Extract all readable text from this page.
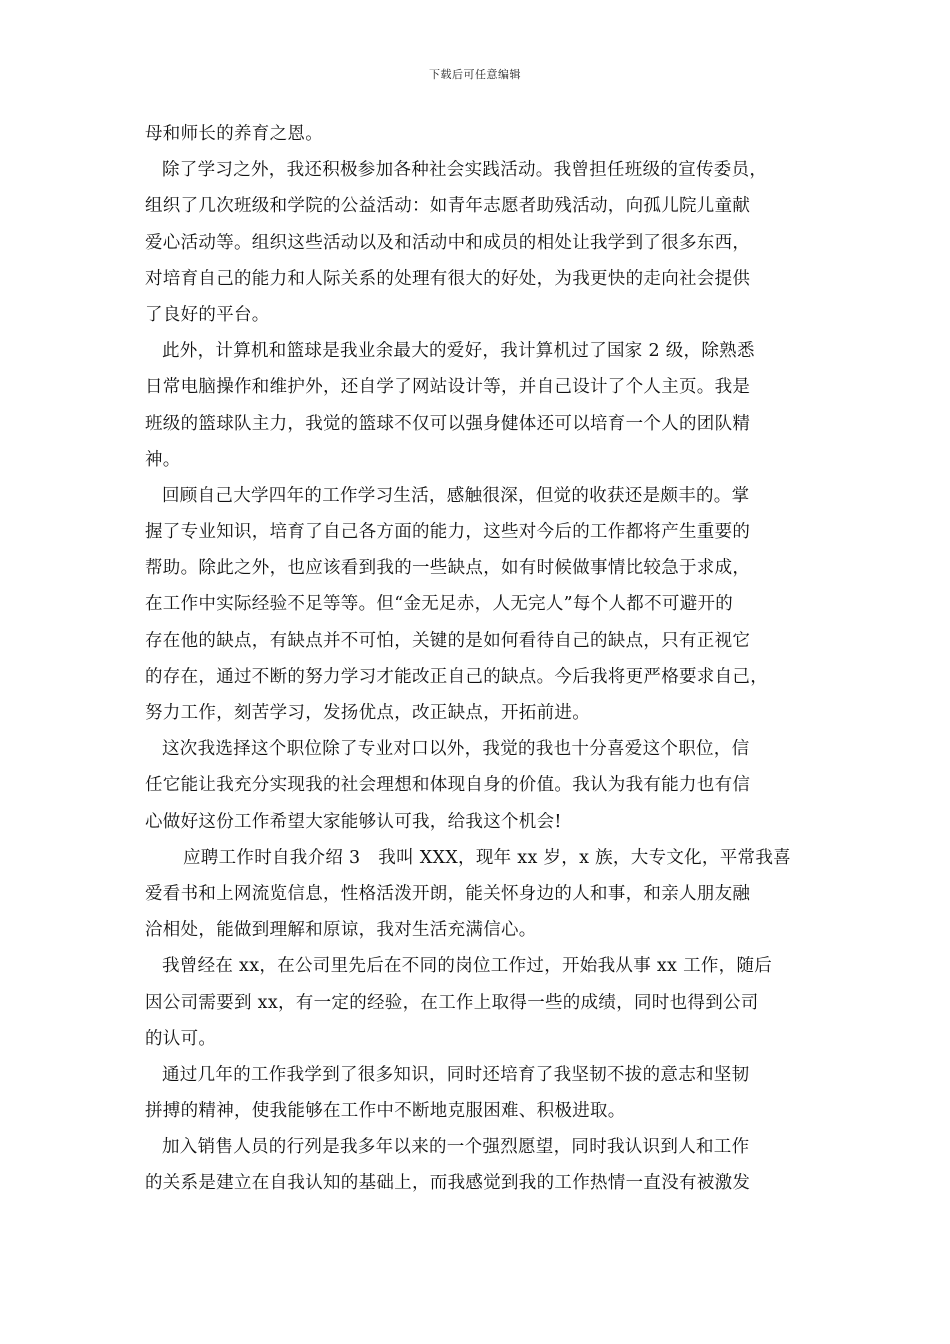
下载后可任意编辑
母和师长的养育之恩。
除了学习之外，我还积极参加各种社会实践活动。我曾担任班级的宣传委员，
组织了几次班级和学院的公益活动：如青年志愿者助残活动，向孤儿院儿童献
爱心活动等。组织这些活动以及和活动中和成员的相处让我学到了很多东西，
对培育自己的能力和人际关系的处理有很大的好处，为我更快的走向社会提供
了良好的平台。
此外，计算机和篮球是我业余最大的爱好，我计算机过了国家 2 级，除熟悉
日常电脑操作和维护外，还自学了网站设计等，并自己设计了个人主页。我是
班级的篮球队主力，我觉的篮球不仅可以强身健体还可以培育一个人的团队精
神。
回顾自己大学四年的工作学习生活，感触很深，但觉的收获还是颇丰的。掌
握了专业知识，培育了自己各方面的能力，这些对今后的工作都将产生重要的
帮助。除此之外，也应该看到我的一些缺点，如有时候做事情比较急于求成，
在工作中实际经验不足等等。但“金无足赤，人无完人”每个人都不可避开的
存在他的缺点，有缺点并不可怕，关键的是如何看待自己的缺点，只有正视它
的存在，通过不断的努力学习才能改正自己的缺点。今后我将更严格要求自己，
努力工作，刻苦学习，发扬优点，改正缺点，开拓前进。
这次我选择这个职位除了专业对口以外，我觉的我也十分喜爱这个职位，信
任它能让我充分实现我的社会理想和体现自身的价值。我认为我有能力也有信
心做好这份工作希望大家能够认可我，给我这个机会!
应聘工作时自我介绍 3　我叫 XXX，现年 xx 岁，x 族，大专文化，平常我喜
爱看书和上网流览信息，性格活泼开朗，能关怀身边的人和事，和亲人朋友融
洽相处，能做到理解和原谅，我对生活充满信心。
我曾经在 xx，在公司里先后在不同的岗位工作过，开始我从事 xx 工作，随后
因公司需要到 xx，有一定的经验，在工作上取得一些的成绩，同时也得到公司
的认可。
通过几年的工作我学到了很多知识，同时还培育了我坚韧不拔的意志和坚韧
拼搏的精神，使我能够在工作中不断地克服困难、积极进取。
加入销售人员的行列是我多年以来的一个强烈愿望，同时我认识到人和工作
的关系是建立在自我认知的基础上，而我感觉到我的工作热情一直没有被激发
